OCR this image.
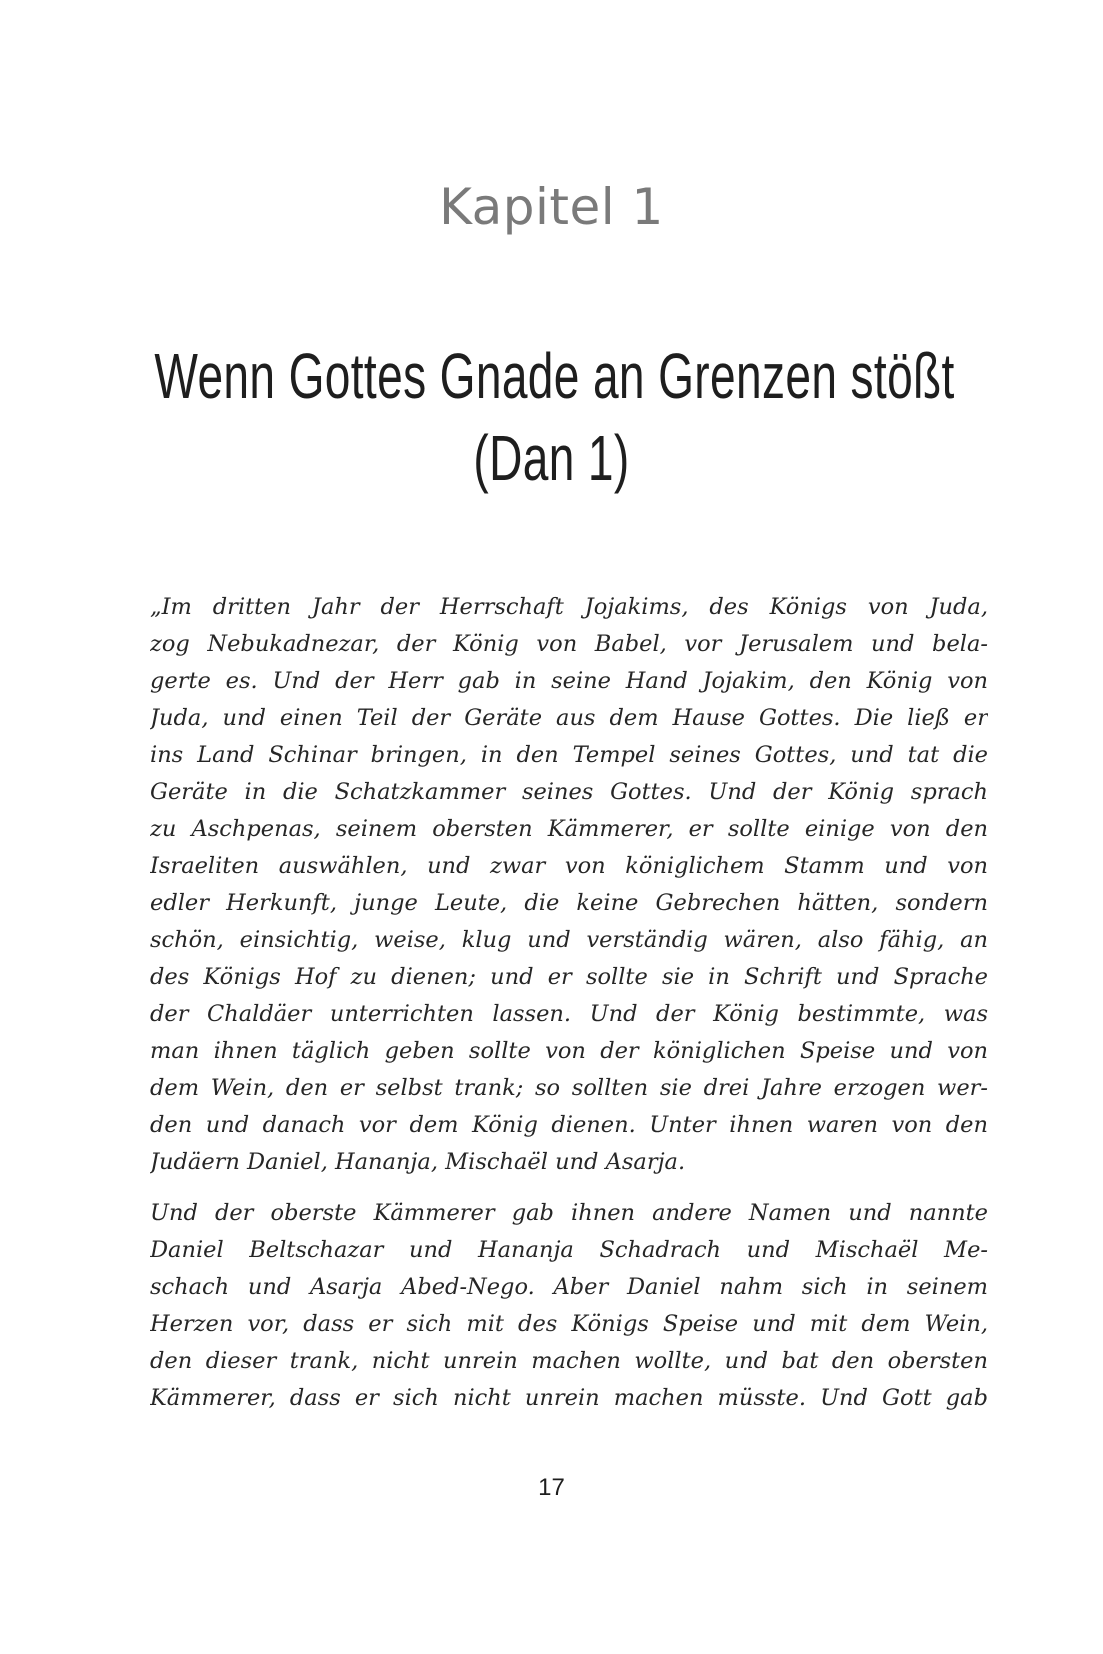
Kapitel 1
Wenn Gottes Gnade an Grenzen stößt
(Dan 1)

„Im dritten Jahr der Herrschaft Jojakims, des Königs von Juda,
zog Nebukadnezar, der König von Babel, vor Jerusalem und bela-
gerte es. Und der Herr gab in seine Hand Jojakim, den König von
Juda, und einen Teil der Geräte aus dem Hause Gottes. Die ließ er
ins Land Schinar bringen, in den Tempel seines Gottes, und tat die
Geräte in die Schatzkammer seines Gottes. Und der König sprach
zu Aschpenas, seinem obersten Kämmerer, er sollte einige von den
Israeliten auswählen, und zwar von königlichem Stamm und von
edler Herkunft, junge Leute, die keine Gebrechen hätten, sondern
schön, einsichtig, weise, klug und verständig wären, also fähig, an
des Königs Hof zu dienen; und er sollte sie in Schrift und Sprache
der Chaldäer unterrichten lassen. Und der König bestimmte, was
man ihnen täglich geben sollte von der königlichen Speise und von
dem Wein, den er selbst trank; so sollten sie drei Jahre erzogen wer-
den und danach vor dem König dienen. Unter ihnen waren von den
Judäern Daniel, Hananja, Mischaël und Asarja.

Und der oberste Kämmerer gab ihnen andere Namen und nannte
Daniel Beltschazar und Hananja Schadrach und Mischaël Me-
schach und Asarja Abed-Nego. Aber Daniel nahm sich in seinem
Herzen vor, dass er sich mit des Königs Speise und mit dem Wein,
den dieser trank, nicht unrein machen wollte, und bat den obersten
Kämmerer, dass er sich nicht unrein machen müsste. Und Gott gab

17
